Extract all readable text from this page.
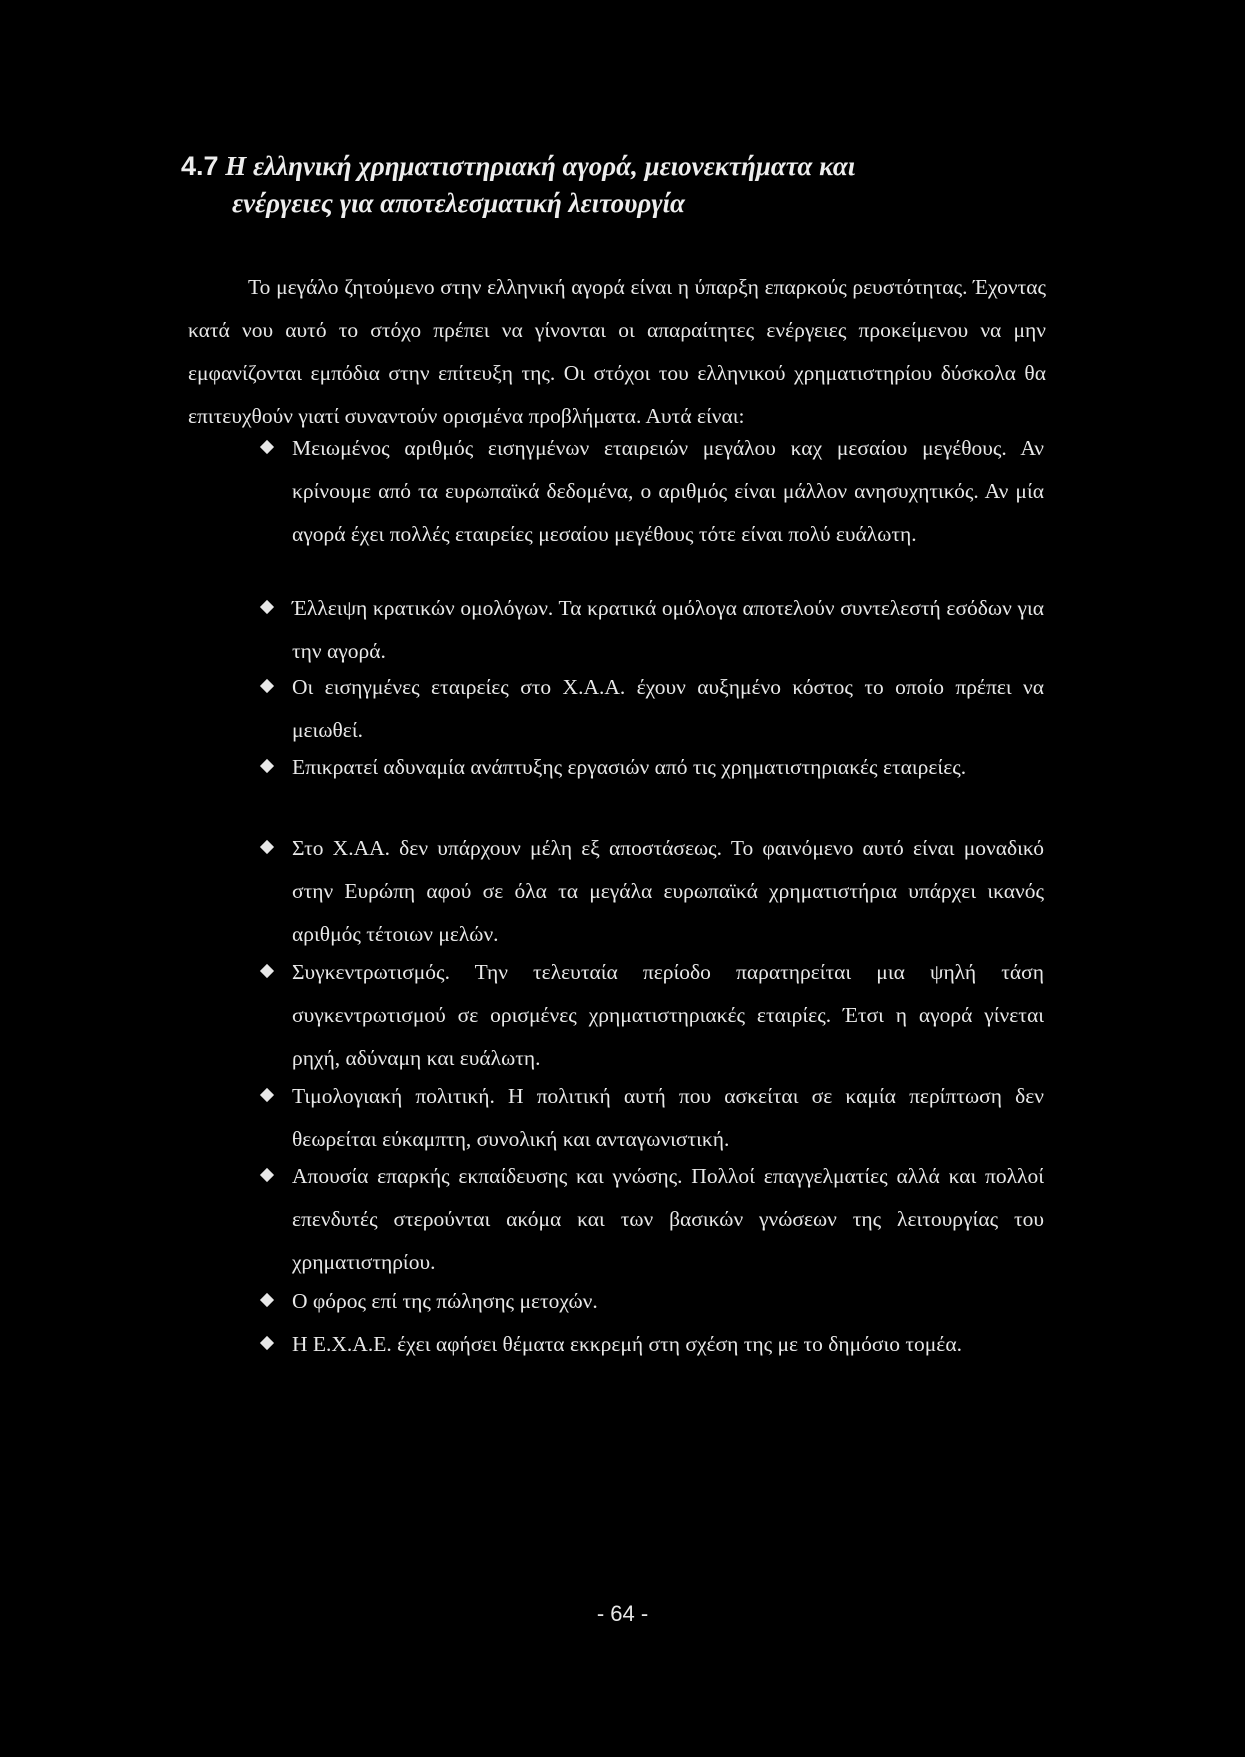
4.7 Η ελληνική χρηματιστηριακή αγορά, μειονεκτήματα και
ενέργειες για αποτελεσματική λειτουργία

Το μεγάλο ζητούμενο στην ελληνική αγορά είναι η ύπαρξη επαρκούς ρευστότητας. Έχοντας κατά νου αυτό το στόχο πρέπει να γίνονται οι απαραίτητες ενέργειες προκείμενου να μην εμφανίζονται εμπόδια στην επίτευξη της. Οι στόχοι του ελληνικού χρηματιστηρίου δύσκολα θα επιτευχθούν γιατί συναντούν ορισμένα προβλήματα. Αυτά είναι:

Μειωμένος αριθμός εισηγμένων εταιρειών μεγάλου καχ μεσαίου μεγέθους. Αν κρίνουμε από τα ευρωπαϊκά δεδομένα, ο αριθμός είναι μάλλον ανησυχητικός. Αν μία αγορά έχει πολλές εταιρείες μεσαίου μεγέθους τότε είναι πολύ ευάλωτη.
Έλλειψη κρατικών ομολόγων. Τα κρατικά ομόλογα αποτελούν συντελεστή εσόδων για την αγορά.
Οι εισηγμένες εταιρείες στο Χ.Α.Α. έχουν αυξημένο κόστος το οποίο πρέπει να μειωθεί.
Επικρατεί αδυναμία ανάπτυξης εργασιών από τις χρηματιστηριακές εταιρείες.
Στο Χ.ΑΑ. δεν υπάρχουν μέλη εξ αποστάσεως. Το φαινόμενο αυτό είναι μοναδικό στην Ευρώπη αφού σε όλα τα μεγάλα ευρωπαϊκά χρηματιστήρια υπάρχει ικανός αριθμός τέτοιων μελών.
Συγκεντρωτισμός. Την τελευταία περίοδο παρατηρείται μια ψηλή τάση συγκεντρωτισμού σε ορισμένες χρηματιστηριακές εταιρίες. Έτσι η αγορά γίνεται ρηχή, αδύναμη και ευάλωτη.
Τιμολογιακή πολιτική. Η πολιτική αυτή που ασκείται σε καμία περίπτωση δεν θεωρείται εύκαμπτη, συνολική και ανταγωνιστική.
Απουσία επαρκής εκπαίδευσης και γνώσης. Πολλοί επαγγελματίες αλλά και πολλοί επενδυτές στερούνται ακόμα και των βασικών γνώσεων της λειτουργίας του χρηματιστηρίου.
Ο φόρος επί της πώλησης μετοχών.
Η Ε.Χ.Α.Ε. έχει αφήσει θέματα εκκρεμή στη σχέση της με το δημόσιο τομέα.
- 64 -
